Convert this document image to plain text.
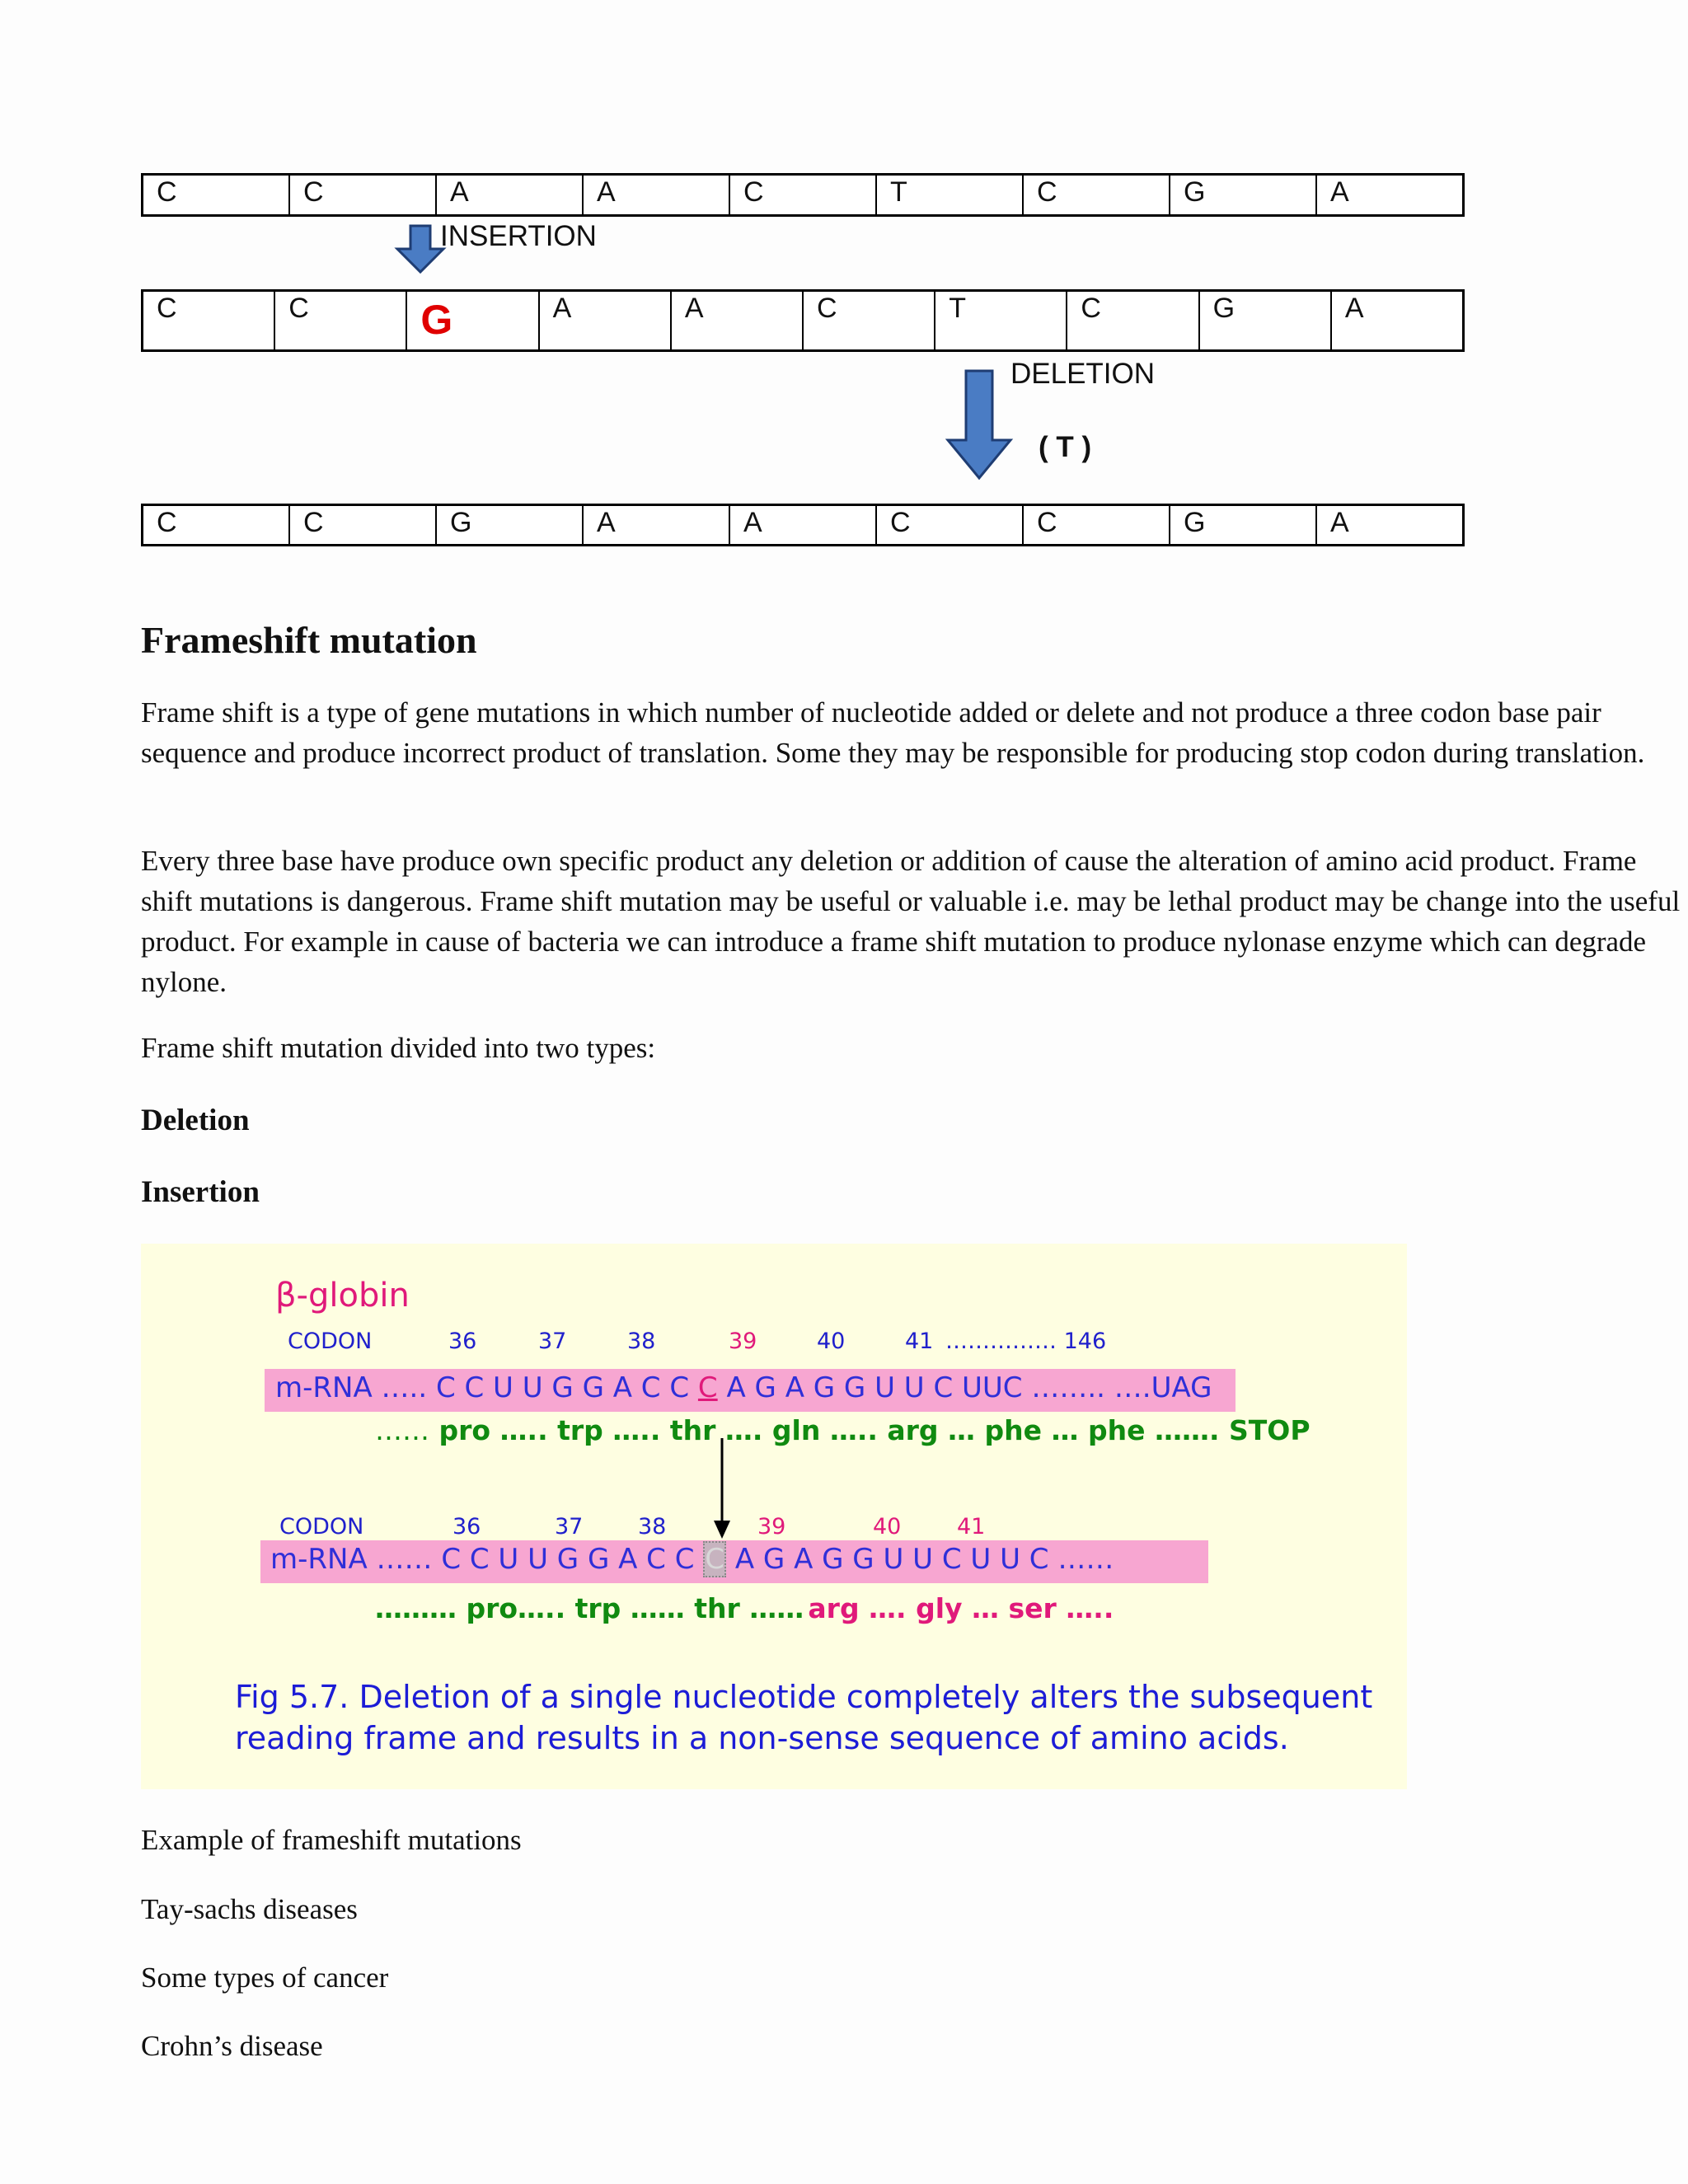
C	C	A	A	C	T	C	G	A
INSERTION
C	C	G	A	A	C	T	C	G	A
DELETION
( T )
C	C	G	A	A	C	C	G	A
Frameshift mutation
Frame shift is a type of gene mutations in which number of nucleotide added or delete and not produce a three codon base pair sequence and produce incorrect product of translation. Some they may be responsible for producing stop codon during translation.
Every three base have produce own specific product any deletion or addition of cause the alteration of amino acid product. Frame shift mutations is dangerous. Frame shift mutation may be useful or valuable i.e. may be lethal product may be change into the useful product. For example in cause of bacteria we can introduce a frame shift mutation to produce nylonase enzyme which can degrade nylone.
Frame shift mutation divided into two types:
Deletion
Insertion
β-globin
CODON	36	37	38	39	40	41 …………… 146
m-RNA ….. C C U U G G A C C C A G A G G U U C UUC …….. ….UAG
…… pro ….. trp ….. thr …. gln ….. arg … phe … phe ……. STOP
CODON	36	37 38	39	40	41
m-RNA …… C C U U G G A C C C A G A G G U U C U U C ……
……… pro….. trp …… thr …… arg …. gly … ser …..
Fig 5.7. Deletion of a single nucleotide completely alters the subsequent
reading frame and results in a non-sense sequence of amino acids.
Example of frameshift mutations
Tay-sachs diseases
Some types of cancer
Crohn’s disease
